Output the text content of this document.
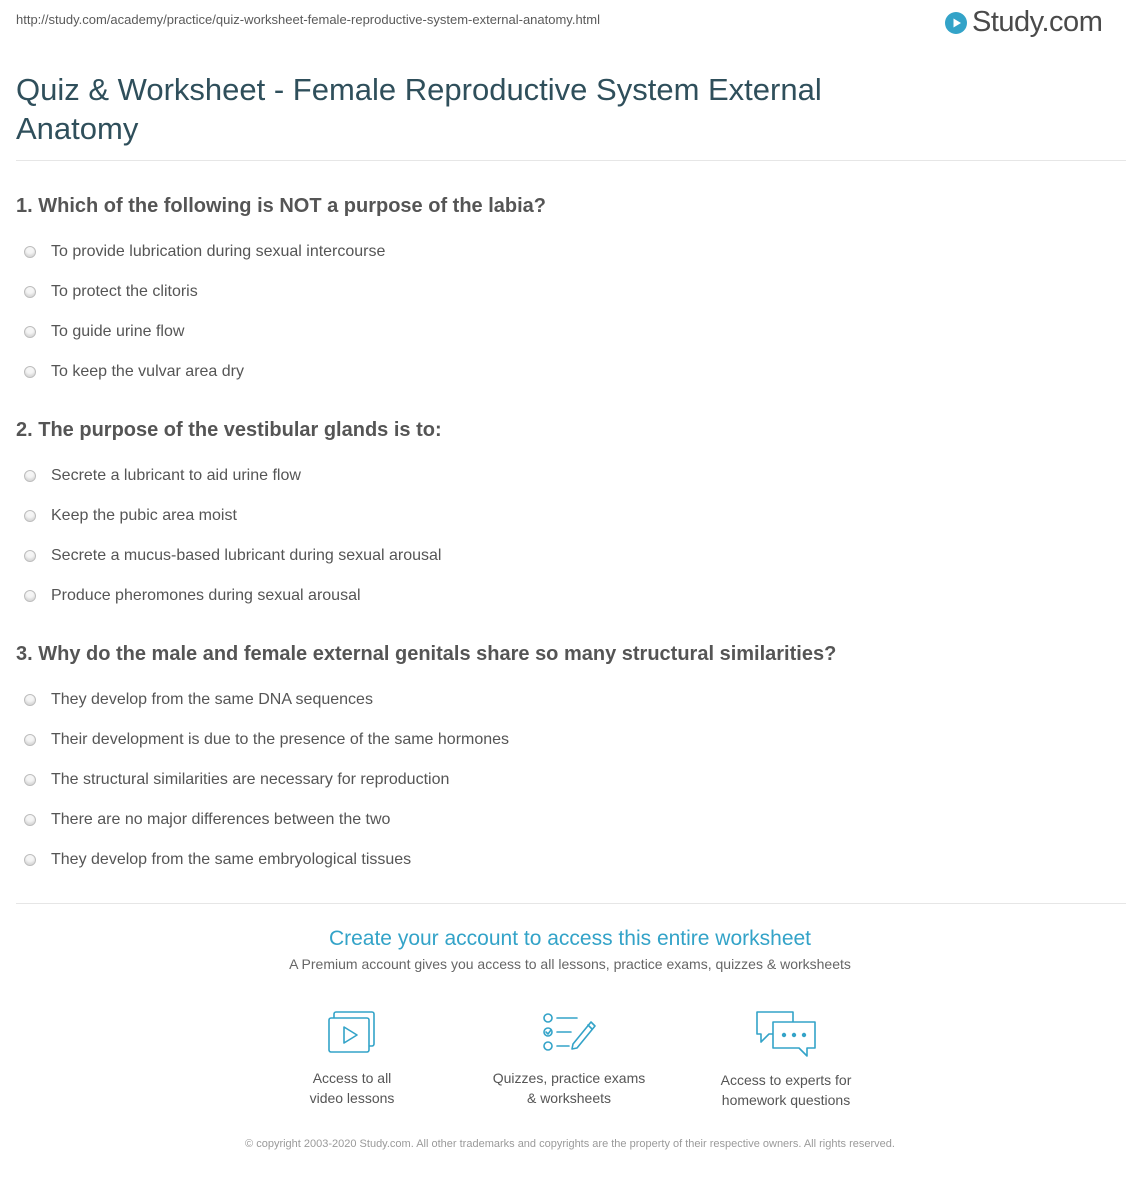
http://study.com/academy/practice/quiz-worksheet-female-reproductive-system-external-anatomy.html	Study.com
Quiz & Worksheet - Female Reproductive System External Anatomy
1. Which of the following is NOT a purpose of the labia?
To provide lubrication during sexual intercourse
To protect the clitoris
To guide urine flow
To keep the vulvar area dry
2. The purpose of the vestibular glands is to:
Secrete a lubricant to aid urine flow
Keep the pubic area moist
Secrete a mucus-based lubricant during sexual arousal
Produce pheromones during sexual arousal
3. Why do the male and female external genitals share so many structural similarities?
They develop from the same DNA sequences
Their development is due to the presence of the same hormones
The structural similarities are necessary for reproduction
There are no major differences between the two
They develop from the same embryological tissues
Create your account to access this entire worksheet
A Premium account gives you access to all lessons, practice exams, quizzes & worksheets
Access to all
video lessons
Quizzes, practice exams
& worksheets
Access to experts for
homework questions
© copyright 2003-2020 Study.com. All other trademarks and copyrights are the property of their respective owners. All rights reserved.
